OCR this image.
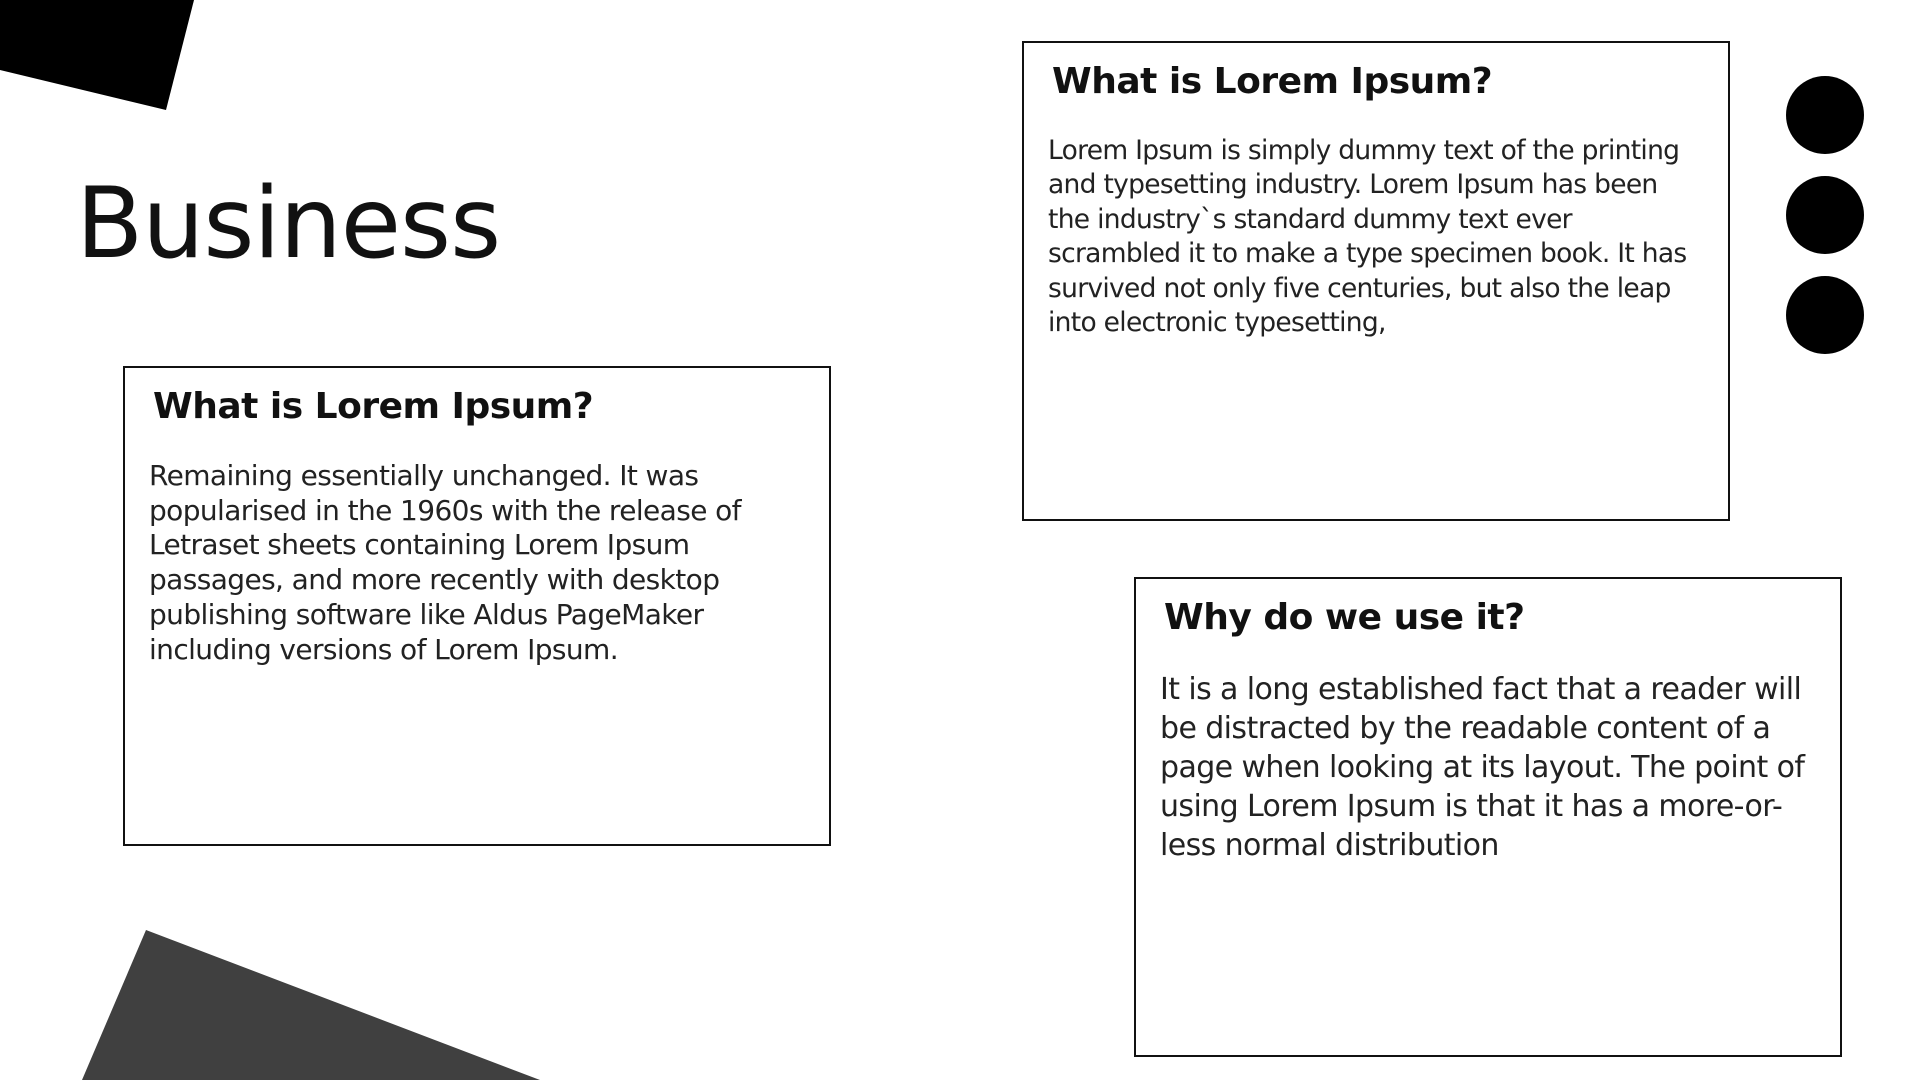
Business
What is Lorem Ipsum?

Lorem Ipsum is simply dummy text of the printing and typesetting industry. Lorem Ipsum has been the industry`s standard dummy text ever scrambled it to make a type specimen book. It has survived not only five centuries, but also the leap into electronic typesetting,

What is Lorem Ipsum?

Remaining essentially unchanged. It was popularised in the 1960s with the release of Letraset sheets containing Lorem Ipsum passages, and more recently with desktop publishing software like Aldus PageMaker including versions of Lorem Ipsum.

Why do we use it?

It is a long established fact that a reader will be distracted by the readable content of a page when looking at its layout. The point of using Lorem Ipsum is that it has a more-or-less normal distribution
